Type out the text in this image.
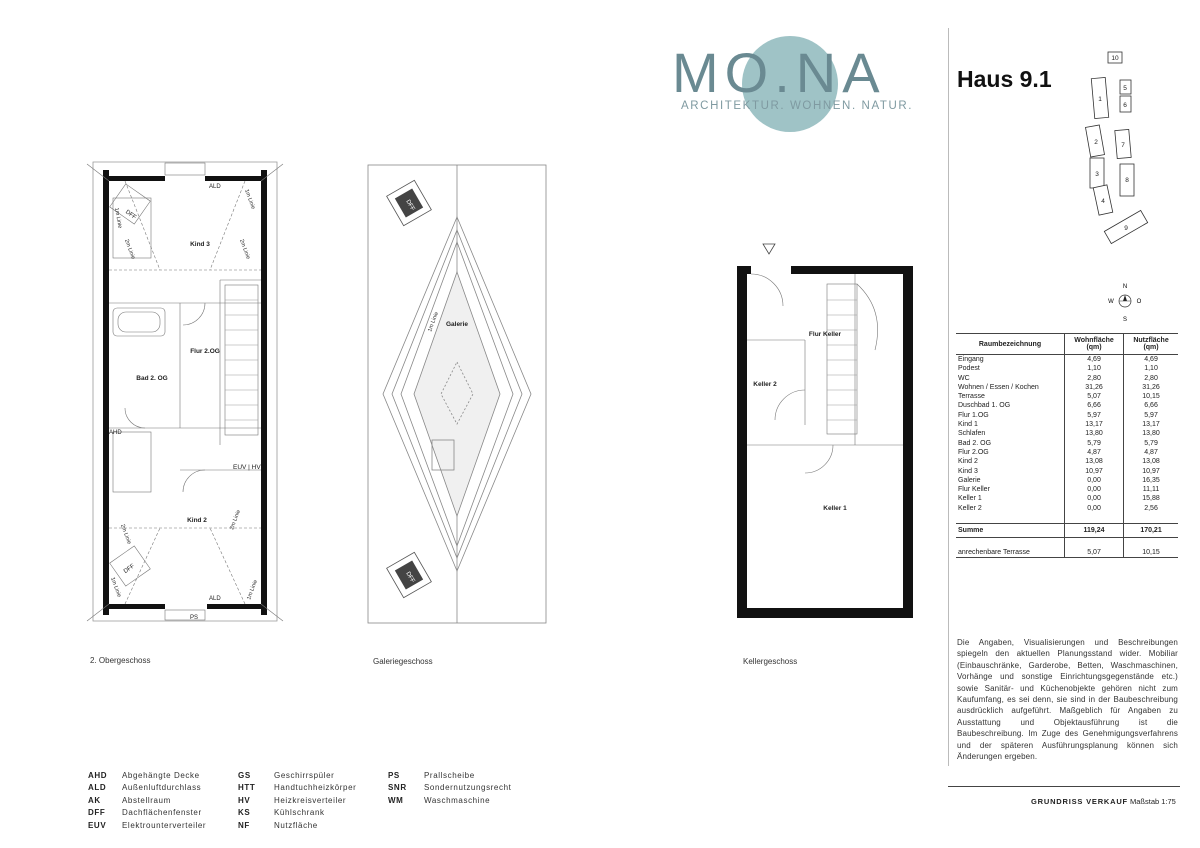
MO.NA
ARCHITEKTUR. WOHNEN. NATUR.
Haus 9.1
10
1
5
6
2	7
3
8
4
9
N
S
W	O
Raumbezeichnung	Wohnfläche (qm)	Nutzfläche (qm)
Eingang	4,69	4,69
Podest	1,10	1,10
WC	2,80	2,80
Wohnen / Essen / Kochen	31,26	31,26
Terrasse	5,07	10,15
Duschbad 1. OG	6,66	6,66
Flur 1.OG	5,97	5,97
Kind 1	13,17	13,17
Schlafen	13,80	13,80
Bad 2. OG	5,79	5,79
Flur 2.OG	4,87	4,87
Kind 2	13,08	13,08
Kind 3	10,97	10,97
Galerie	0,00	16,35
Flur Keller	0,00	11,11
Keller 1	0,00	15,88
Keller 2	0,00	2,56

Summe	119,24	170,21

anrechenbare Terrasse	5,07	10,15
Die Angaben, Visualisierungen und Beschreibungen spiegeln den aktuellen Planungsstand wider. Mobiliar (Einbauschränke, Garderobe, Betten, Waschmaschinen, Vorhänge und sonstige Einrichtungsgegenstände etc.) sowie Sanitär- und Küchenobjekte gehören nicht zum Kaufumfang, es sei denn, sie sind in der Baubeschreibung ausdrücklich aufgeführt. Maßgeblich für Angaben zu Ausstattung und Objektausführung ist die Baubeschreibung. Im Zuge des Genehmigungsverfahrens und der späteren Ausführungsplanung können sich Änderungen ergeben.
GRUNDRISS VERKAUF Maßstab 1:75
Kind 3
Flur 2.OG
Bad 2. OG
Kind 2
ALD
ALD
AHD
EUV | HV
PS
DFF
DFF
1m Linie
2m Linie	2m Linie
1m Linie
2m Linie
2m Linie
1m Linie	1m Linie
2. Obergeschoss
Galerie
1m Linie
DFF
DFF
Galeriegeschoss
Flur Keller
Keller 2
Keller 1
Kellergeschoss
AHD Abgehängte Decke
ALD Außenluftdurchlass
AK	Abstellraum
DFF Dachflächenfenster
EUV Elektrounterverteiler
GS	Geschirrspüler
HTT Handtuchheizkörper
HV	Heizkreisverteiler
KS	Kühlschrank
NF	Nutzfläche
PS	Prallscheibe
SNR Sondernutzungsrecht
WM	Waschmaschine
